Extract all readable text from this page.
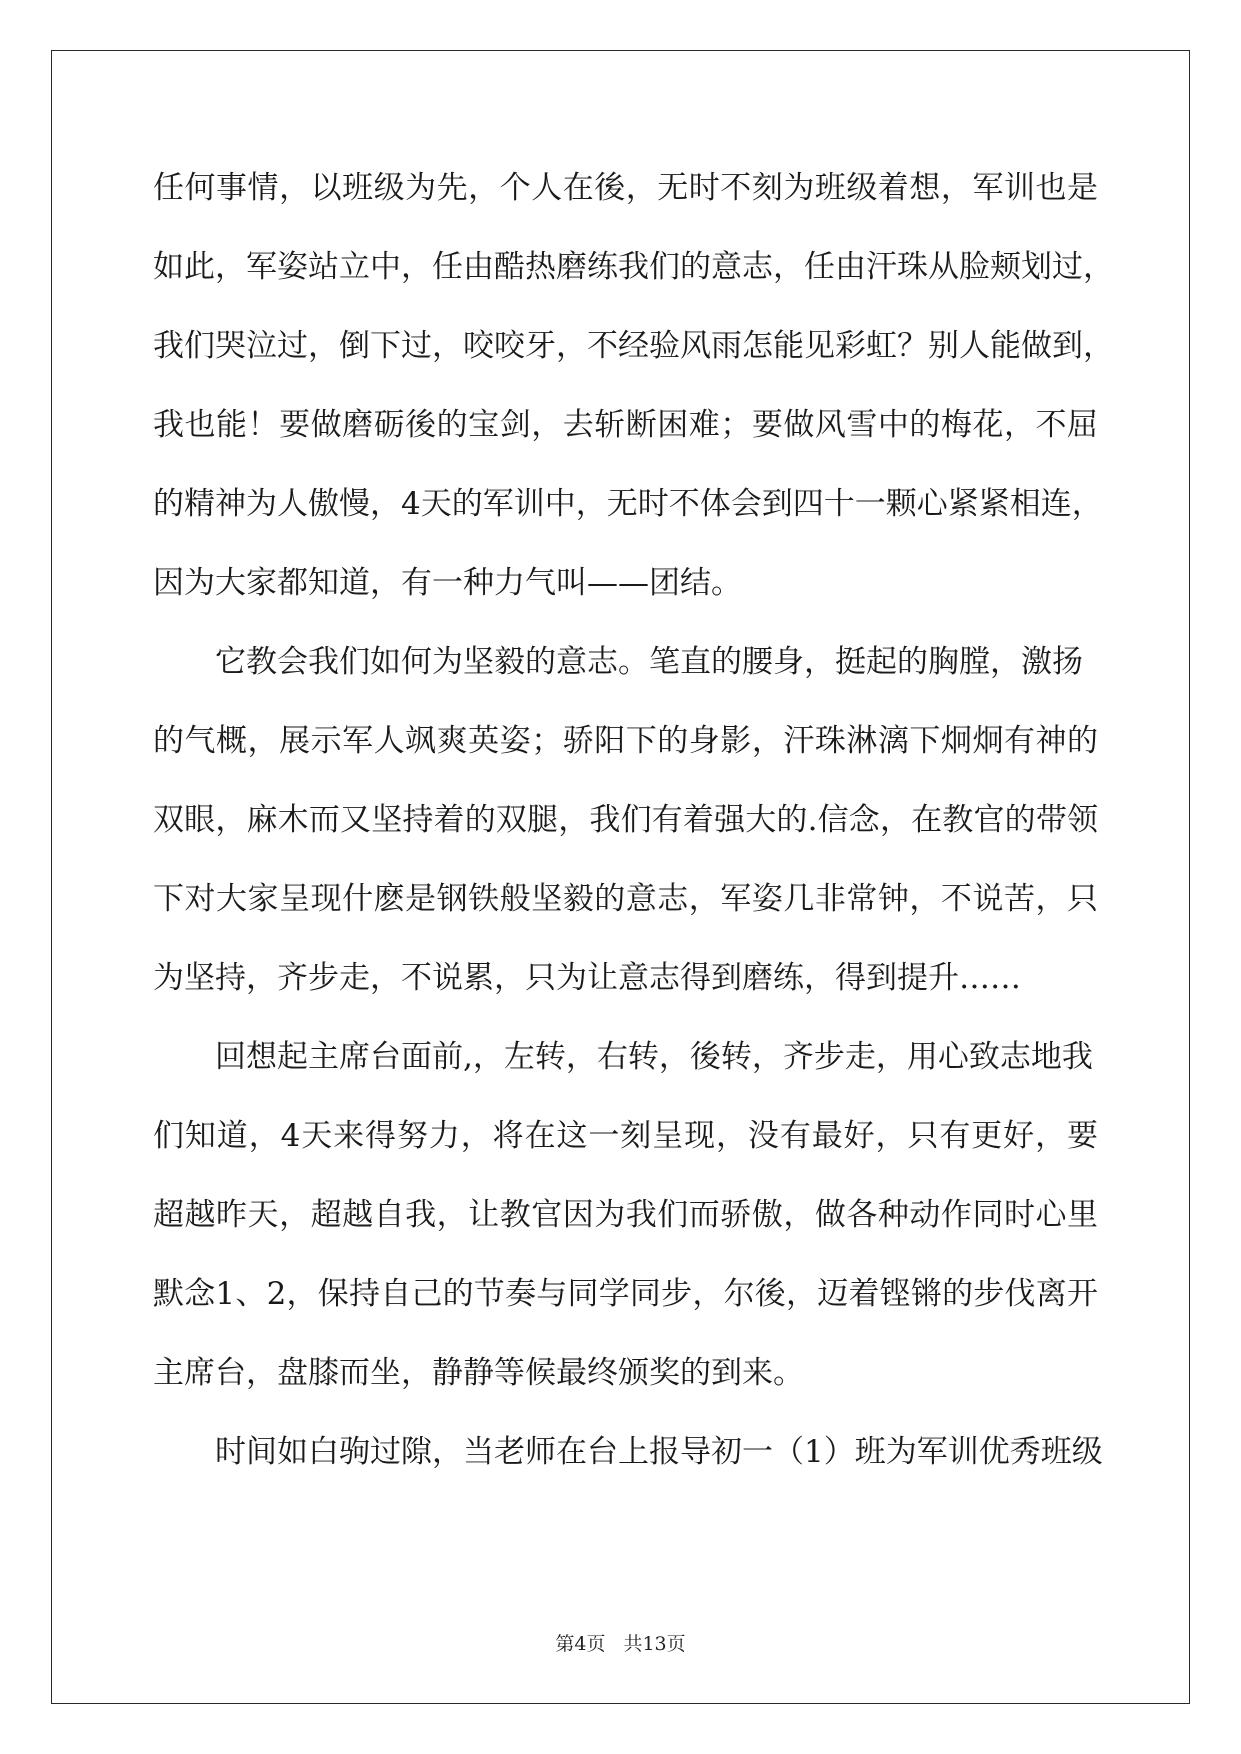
任何事情，以班级为先，个人在後，无时不刻为班级着想，军训也是
如此，军姿站立中，任由酷热磨练我们的意志，任由汗珠从脸颊划过，
我们哭泣过，倒下过，咬咬牙，不经验风雨怎能见彩虹？别人能做到，
我也能！要做磨砺後的宝剑，去斩断困难；要做风雪中的梅花，不屈
的精神为人傲慢，4天的军训中，无时不体会到四十一颗心紧紧相连，
因为大家都知道，有一种力气叫——团结。
它教会我们如何为坚毅的意志。笔直的腰身，挺起的胸膛，激扬
的气概，展示军人飒爽英姿；骄阳下的身影，汗珠淋漓下炯炯有神的
双眼，麻木而又坚持着的双腿，我们有着强大的.信念，在教官的带领
下对大家呈现什麽是钢铁般坚毅的意志，军姿几非常钟，不说苦，只
为坚持，齐步走，不说累，只为让意志得到磨练，得到提升……
回想起主席台面前,，左转，右转，後转，齐步走，用心致志地我
们知道，4天来得努力，将在这一刻呈现，没有最好，只有更好，要
超越昨天，超越自我，让教官因为我们而骄傲，做各种动作同时心里
默念1、2，保持自己的节奏与同学同步，尔後，迈着铿锵的步伐离开
主席台，盘膝而坐，静静等候最终颁奖的到来。
时间如白驹过隙，当老师在台上报导初一（1）班为军训优秀班级
第4页 共13页
